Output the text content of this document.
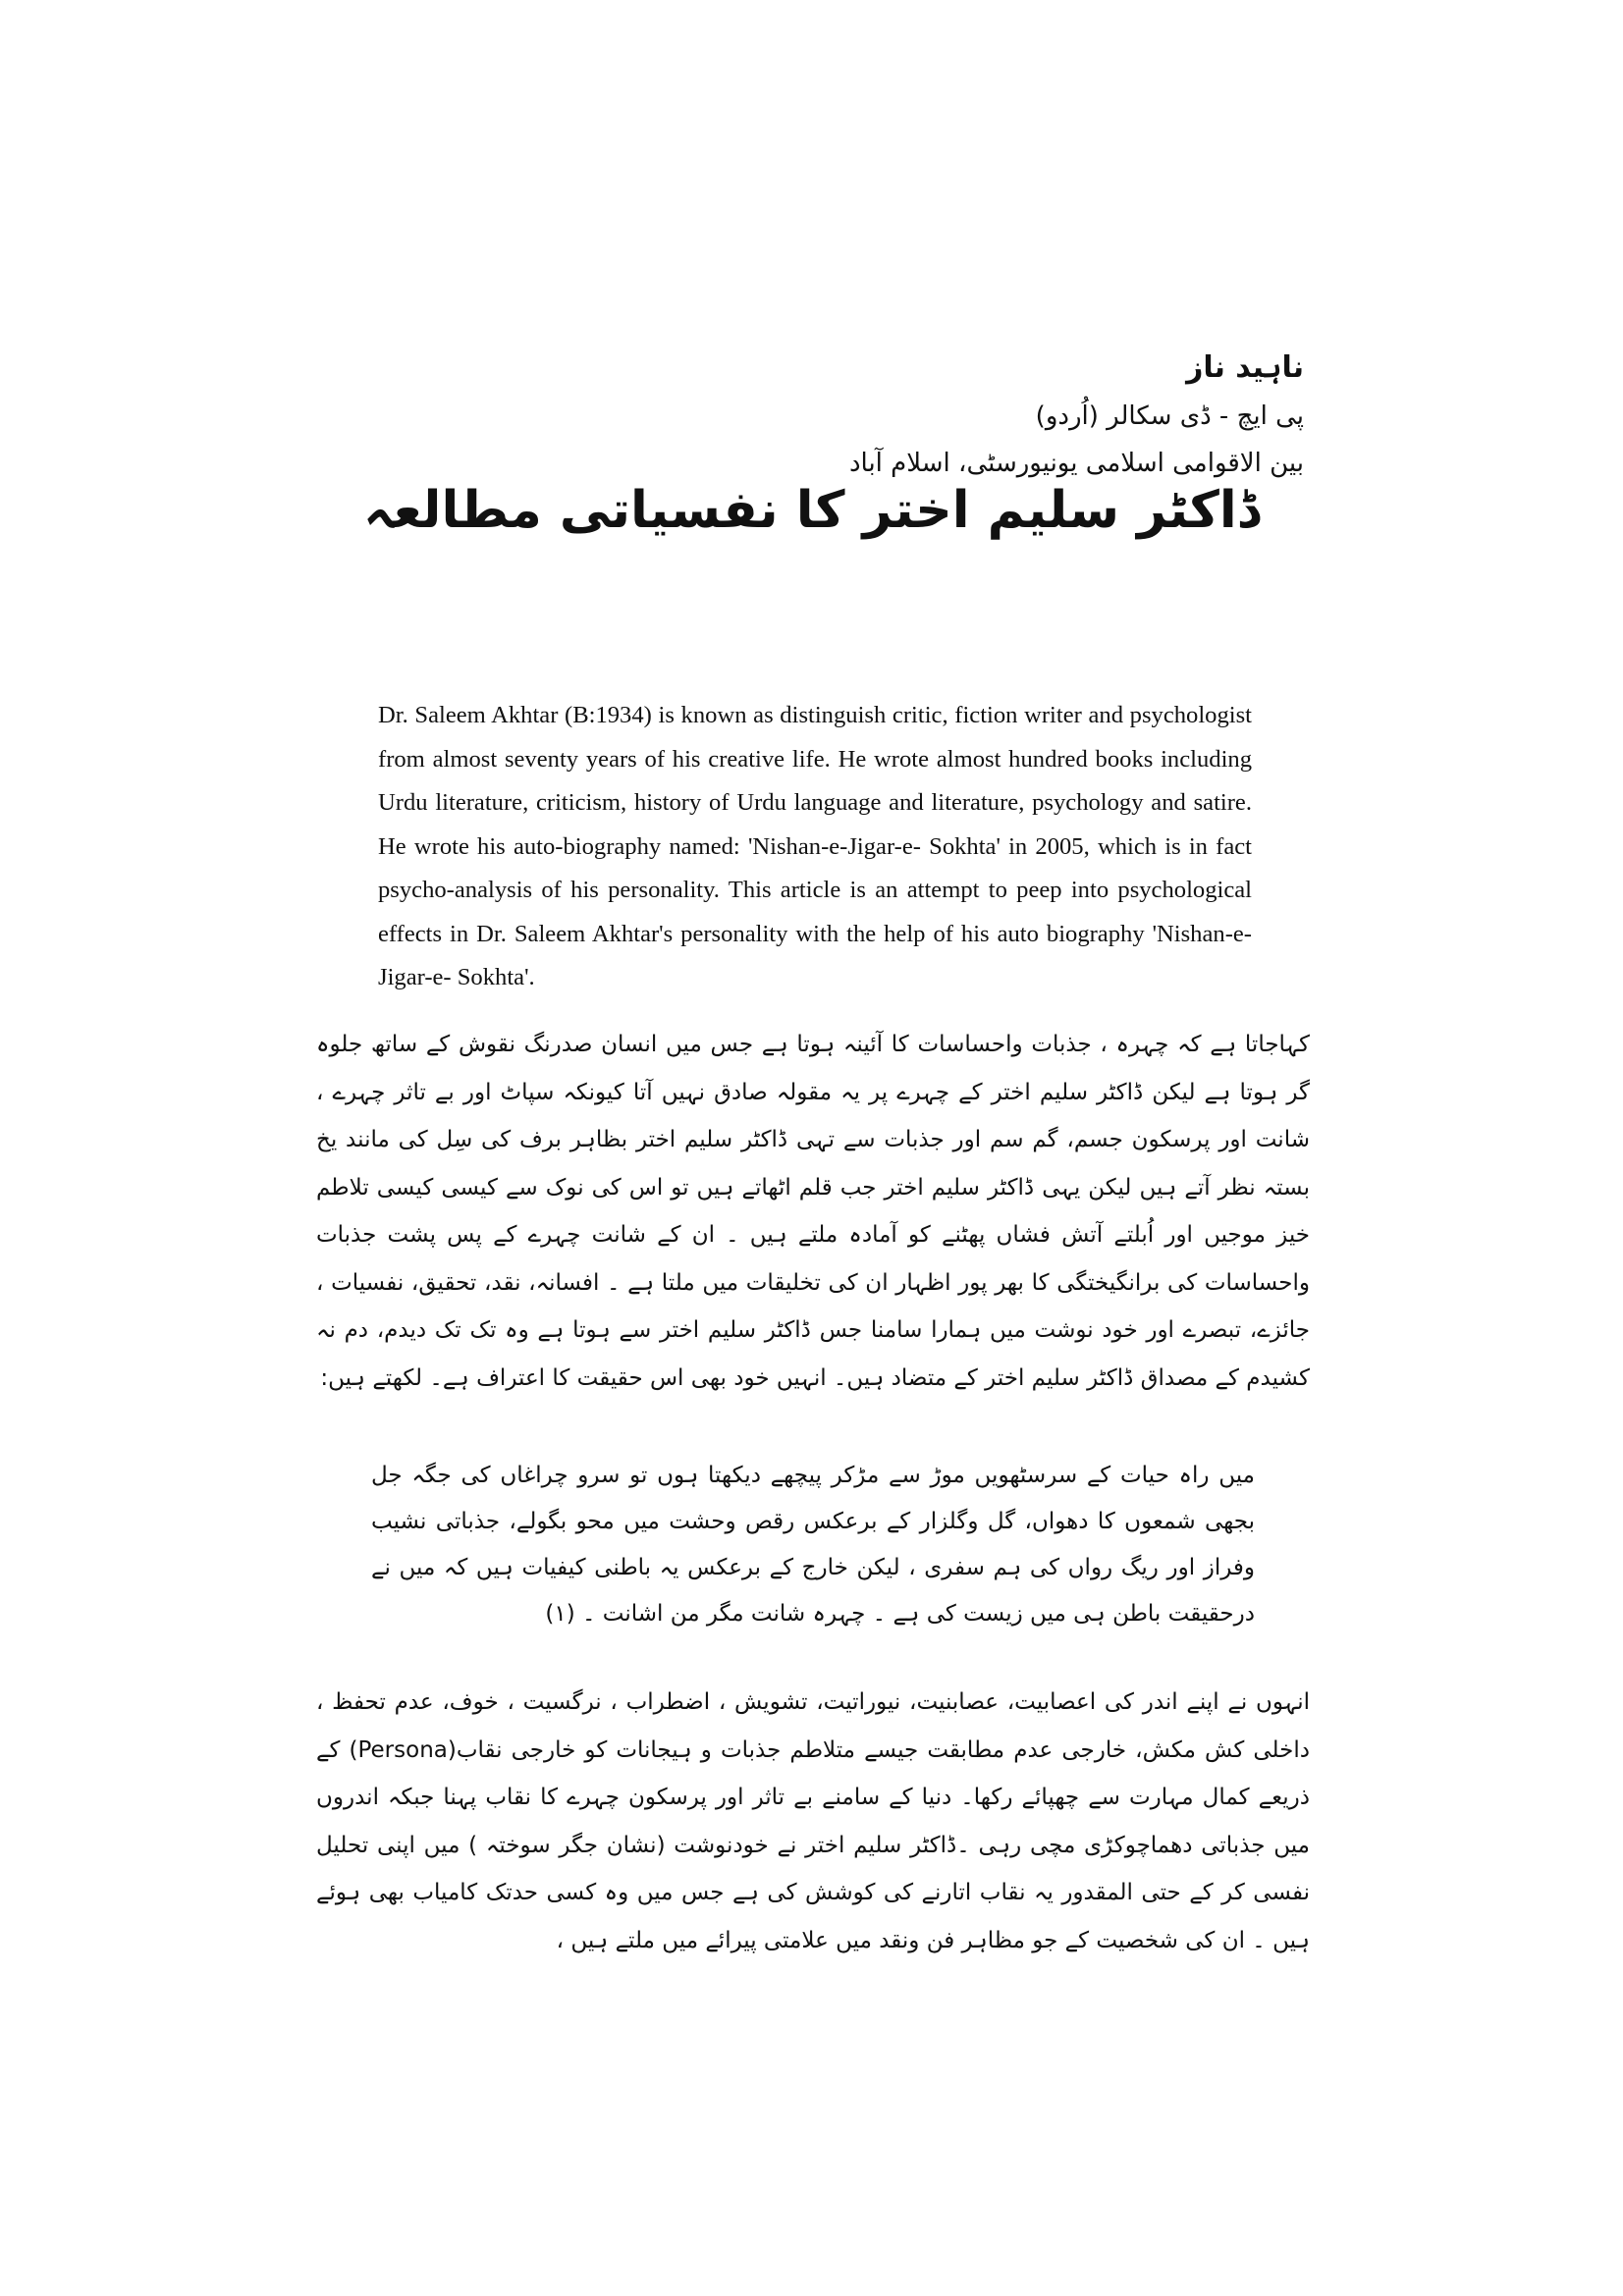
ناہید ناز
پی ایچ - ڈی سکالر (اُردو)
بین الاقوامی اسلامی یونیورسٹی، اسلام آباد
ڈاکٹر سلیم اختر کا نفسیاتی مطالعہ

Dr. Saleem Akhtar (B:1934) is known as distinguish critic, fiction writer and psychologist from almost seventy years of his creative life. He wrote almost hundred books including Urdu literature, criticism, history of Urdu language and literature, psychology and satire. He wrote his auto-biography named: 'Nishan-e-Jigar-e- Sokhta' in 2005, which is in fact psycho-analysis of his personality. This article is an attempt to peep into psychological effects in Dr. Saleem Akhtar's personality with the help of his auto biography 'Nishan-e-Jigar-e- Sokhta'.

کہاجاتا ہے کہ چہرہ ، جذبات واحساسات کا آئینہ ہوتا ہے جس میں انسان صدرنگ نقوش کے ساتھ جلوہ گر ہوتا ہے لیکن ڈاکٹر سلیم اختر کے چہرے پر یہ مقولہ صادق نہیں آتا کیونکہ سپاٹ اور بے تاثر چہرے ، شانت اور پرسکون جسم، گم سم اور جذبات سے تہی ڈاکٹر سلیم اختر بظاہر برف کی سِل کی مانند یخ بستہ نظر آتے ہیں لیکن یہی ڈاکٹر سلیم اختر جب قلم اٹھاتے ہیں تو اس کی نوک سے کیسی کیسی تلاطم خیز موجیں اور اُبلتے آتش فشاں پھٹنے کو آمادہ ملتے ہیں ۔ ان کے شانت چہرے کے پس پشت جذبات واحساسات کی برانگیختگی کا بھر پور اظہار ان کی تخلیقات میں ملتا ہے ۔ افسانہ، نقد، تحقیق، نفسیات ، جائزے، تبصرے اور خود نوشت میں ہمارا سامنا جس ڈاکٹر سلیم اختر سے ہوتا ہے وہ تک تک دیدم، دم نہ کشیدم کے مصداق ڈاکٹر سلیم اختر کے متضاد ہیں۔ انہیں خود بھی اس حقیقت کا اعتراف ہے۔ لکھتے ہیں:

میں راہ حیات کے سرسٹھویں موڑ سے مڑکر پیچھے دیکھتا ہوں تو سرو چراغاں کی جگہ جل بجھی شمعوں کا دھواں، گل وگلزار کے برعکس رقص وحشت میں محو بگولے، جذباتی نشیب وفراز اور ریگ رواں کی ہم سفری ، لیکن خارج کے برعکس یہ باطنی کیفیات ہیں کہ میں نے درحقیقت باطن ہی میں زیست کی ہے ۔ چہرہ شانت مگر من اشانت ۔ (۱)

انہوں نے اپنے اندر کی اعصابیت، عصابنیت، نیوراتیت، تشویش ، اضطراب ، نرگسیت ، خوف، عدم تحفظ ، داخلی کش مکش، خارجی عدم مطابقت جیسے متلاطم جذبات و ہیجانات کو خارجی نقاب(Persona) کے ذریعے کمال مہارت سے چھپائے رکھا۔ دنیا کے سامنے بے تاثر اور پرسکون چہرے کا نقاب پہنا جبکہ اندروں میں جذباتی دھماچوکڑی مچی رہی ۔ڈاکٹر سلیم اختر نے خودنوشت (نشان جگر سوختہ ) میں اپنی تحلیل نفسی کر کے حتی المقدور یہ نقاب اتارنے کی کوشش کی ہے جس میں وہ کسی حدتک کامیاب بھی ہوئے ہیں ۔ ان کی شخصیت کے جو مظاہر فن ونقد میں علامتی پیرائے میں ملتے ہیں ،
